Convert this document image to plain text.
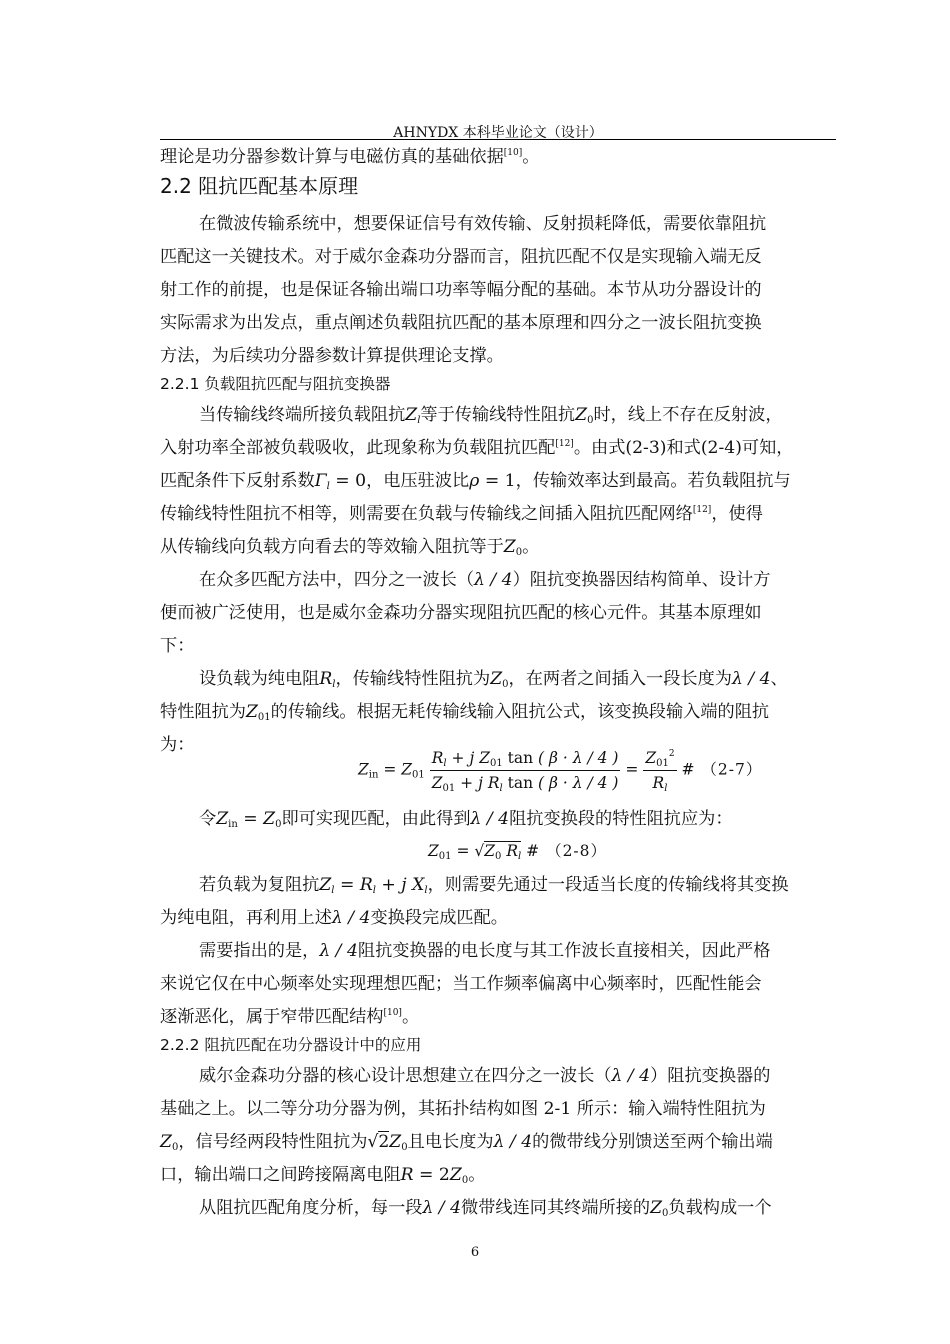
AHNYDX 本科毕业论文（设计）
理论是功分器参数计算与电磁仿真的基础依据[10]。
2.2 阻抗匹配基本原理
在微波传输系统中，想要保证信号有效传输、反射损耗降低，需要依靠阻抗
匹配这一关键技术。对于威尔金森功分器而言，阻抗匹配不仅是实现输入端无反
射工作的前提，也是保证各输出端口功率等幅分配的基础。本节从功分器设计的
实际需求为出发点，重点阐述负载阻抗匹配的基本原理和四分之一波长阻抗变换
方法，为后续功分器参数计算提供理论支撑。
2.2.1 负载阻抗匹配与阻抗变换器
当传输线终端所接负载阻抗$Z_l$等于传输线特性阻抗$Z_0$时，线上不存在反射波，
入射功率全部被负载吸收，此现象称为负载阻抗匹配[12]。由式(2-3)和式(2-4)可知，
匹配条件下反射系数$\Gamma_l = 0$，电压驻波比ρ = 1，传输效率达到最高。若负载阻抗与
传输线特性阻抗不相等，则需要在负载与传输线之间插入阻抗匹配网络[12]，使得
从传输线向负载方向看去的等效输入阻抗等于$Z_0$。
在众多匹配方法中，四分之一波长（λ / 4）阻抗变换器因结构简单、设计方
便而被广泛使用，也是威尔金森功分器实现阻抗匹配的核心元件。其基本原理如
下：
设负载为纯电阻$R_l$，传输线特性阻抗为$Z_0$，在两者之间插入一段长度为λ / 4、
特性阻抗为$Z_{01}$的传输线。根据无耗传输线输入阻抗公式，该变换段输入端的阻抗
为：
$Z_{in} = Z_{01} \frac{R_l + j Z_{01} \tan ( \beta \cdot \lambda / 4 )}{Z_{01} + j R_l \tan ( \beta \cdot \lambda / 4 )} = \frac{Z_{01}^2}{R_l}$ # （2-7）
令$Z_{in} = Z_0$即可实现匹配，由此得到λ / 4阻抗变换段的特性阻抗应为：
$Z_{01} = √Z_0$ $R_l$ # （2-8）
若负载为复阻抗$Z_l = R_l + j$ $X_l$，则需要先通过一段适当长度的传输线将其变换
为纯电阻，再利用上述λ / 4变换段完成匹配。
需要指出的是，λ / 4阻抗变换器的电长度与其工作波长直接相关，因此严格
来说它仅在中心频率处实现理想匹配；当工作频率偏离中心频率时，匹配性能会
逐渐恶化，属于窄带匹配结构[10]。
2.2.2 阻抗匹配在功分器设计中的应用
威尔金森功分器的核心设计思想建立在四分之一波长（λ / 4）阻抗变换器的
基础之上。以二等分功分器为例，其拓扑结构如图 2-1 所示：输入端特性阻抗为
$Z_0$，信号经两段特性阻抗为$√2Z_0$且电长度为λ / 4的微带线分别馈送至两个输出端
口，输出端口之间跨接隔离电阻$R = 2Z_0$。
从阻抗匹配角度分析，每一段λ / 4微带线连同其终端所接的$Z_0$负载构成一个
6
